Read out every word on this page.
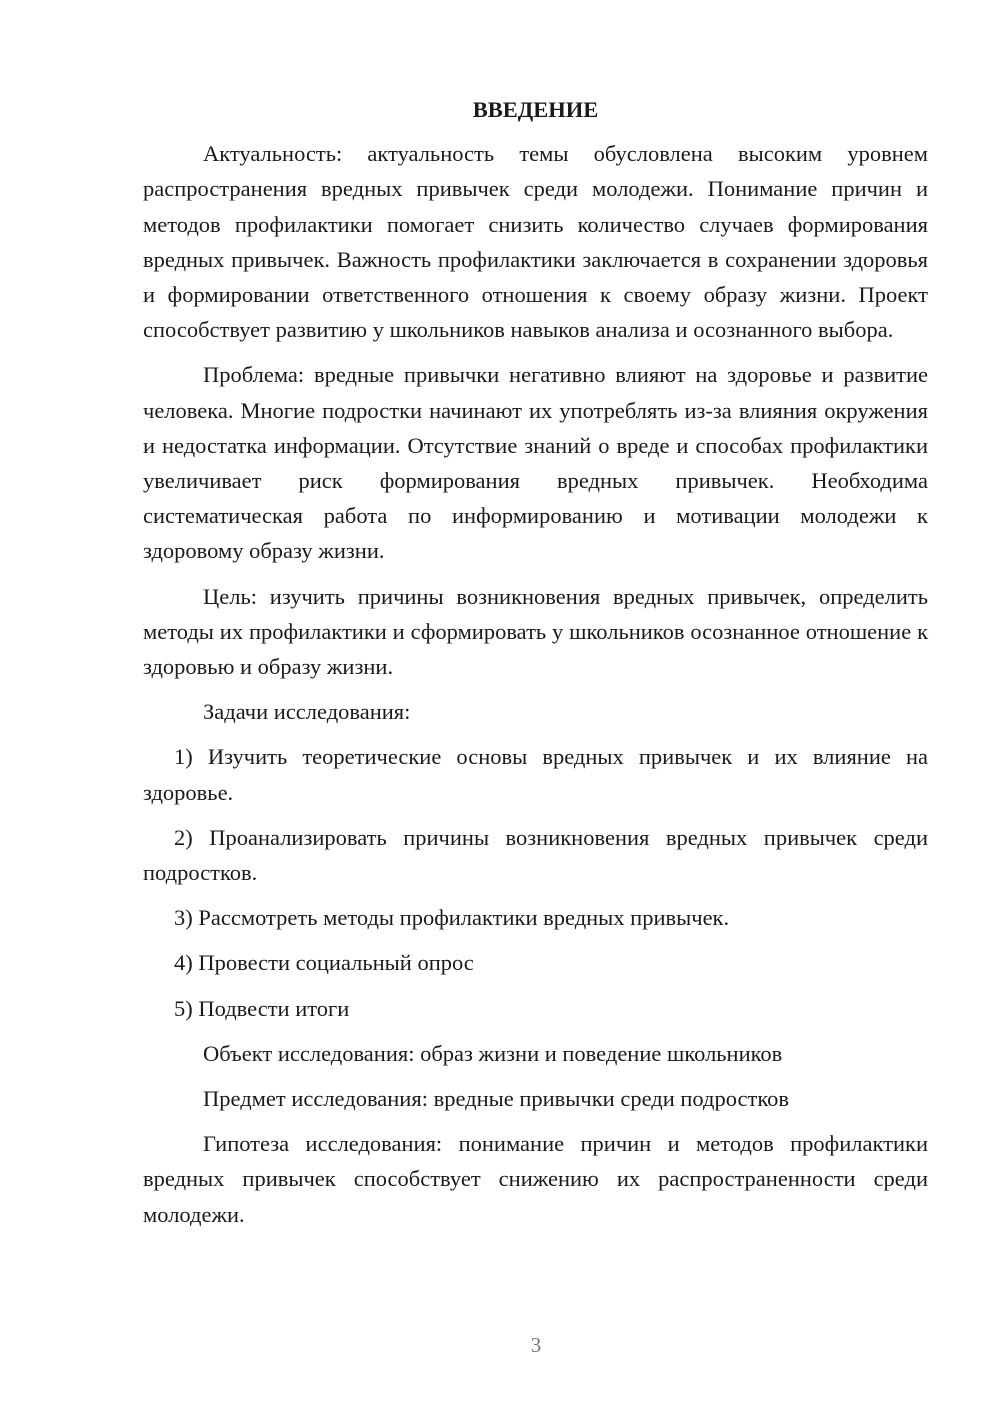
ВВЕДЕНИЕ

Актуальность: актуальность темы обусловлена высоким уровнем распространения вредных привычек среди молодежи. Понимание причин и методов профилактики помогает снизить количество случаев формирования вредных привычек. Важность профилактики заключается в сохранении здоровья и формировании ответственного отношения к своему образу жизни. Проект способствует развитию у школьников навыков анализа и осознанного выбора.

Проблема: вредные привычки негативно влияют на здоровье и развитие человека. Многие подростки начинают их употреблять из-за влияния окружения и недостатка информации. Отсутствие знаний о вреде и способах профилактики увеличивает риск формирования вредных привычек. Необходима систематическая работа по информированию и мотивации молодежи к здоровому образу жизни.

Цель: изучить причины возникновения вредных привычек, определить методы их профилактики и сформировать у школьников осознанное отношение к здоровью и образу жизни.

Задачи исследования:

1) Изучить теоретические основы вредных привычек и их влияние на здоровье.

2) Проанализировать причины возникновения вредных привычек среди подростков.

3) Рассмотреть методы профилактики вредных привычек.

4) Провести социальный опрос

5) Подвести итоги

Объект исследования: образ жизни и поведение школьников

Предмет исследования: вредные привычки среди подростков

Гипотеза исследования: понимание причин и методов профилактики вредных привычек способствует снижению их распространенности среди молодежи.

3
